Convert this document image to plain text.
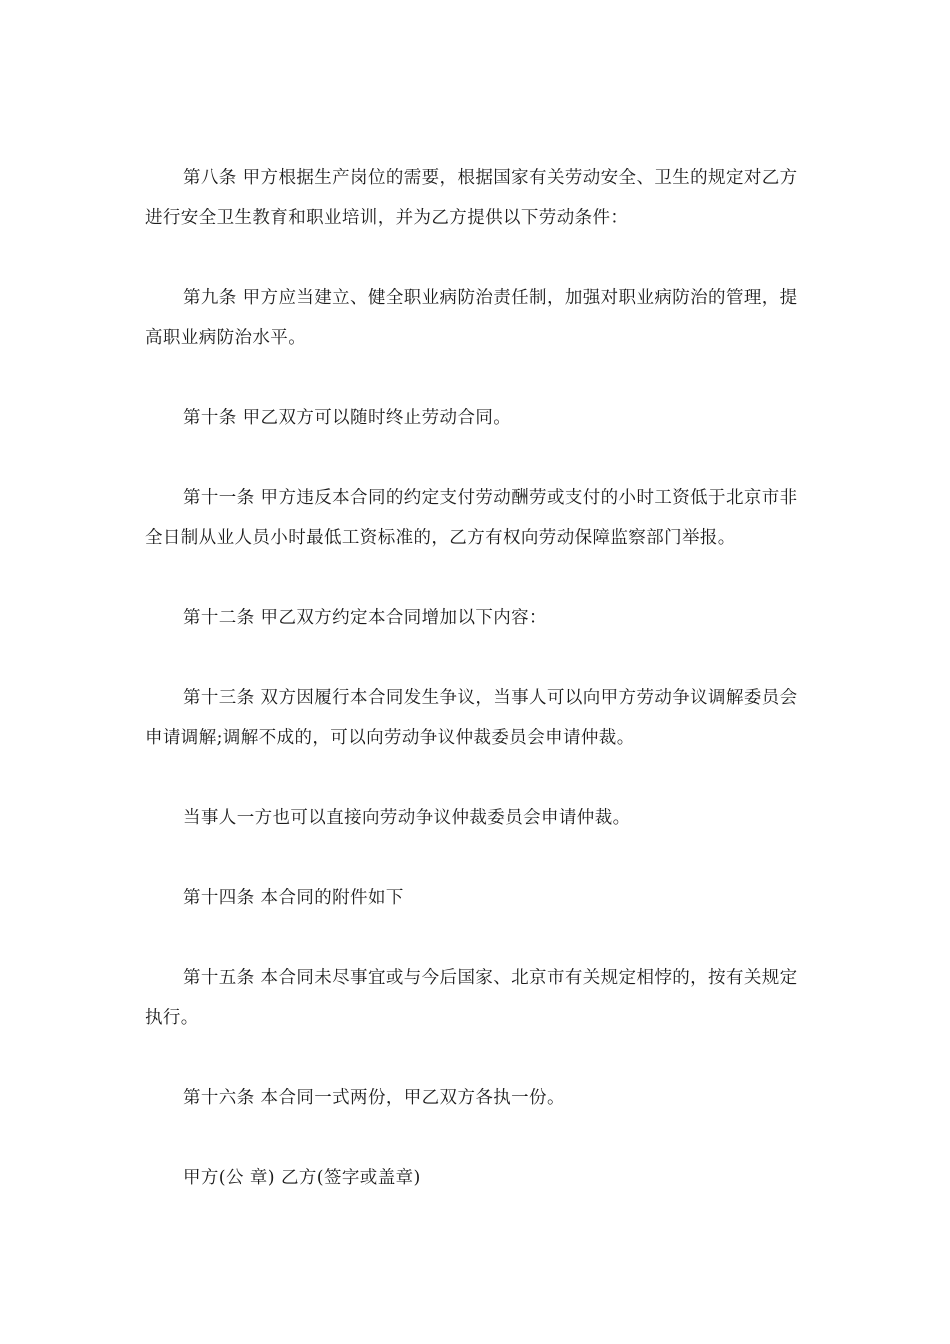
第八条 甲方根据生产岗位的需要，根据国家有关劳动安全、卫生的规定对乙方进行安全卫生教育和职业培训，并为乙方提供以下劳动条件：
第九条 甲方应当建立、健全职业病防治责任制，加强对职业病防治的管理，提高职业病防治水平。
第十条 甲乙双方可以随时终止劳动合同。
第十一条 甲方违反本合同的约定支付劳动酬劳或支付的小时工资低于北京市非全日制从业人员小时最低工资标准的，乙方有权向劳动保障监察部门举报。
第十二条 甲乙双方约定本合同增加以下内容：
第十三条 双方因履行本合同发生争议，当事人可以向甲方劳动争议调解委员会申请调解;调解不成的，可以向劳动争议仲裁委员会申请仲裁。
当事人一方也可以直接向劳动争议仲裁委员会申请仲裁。
第十四条 本合同的附件如下
第十五条 本合同未尽事宜或与今后国家、北京市有关规定相悖的，按有关规定执行。
第十六条 本合同一式两份，甲乙双方各执一份。
甲方(公 章) 乙方(签字或盖章)
